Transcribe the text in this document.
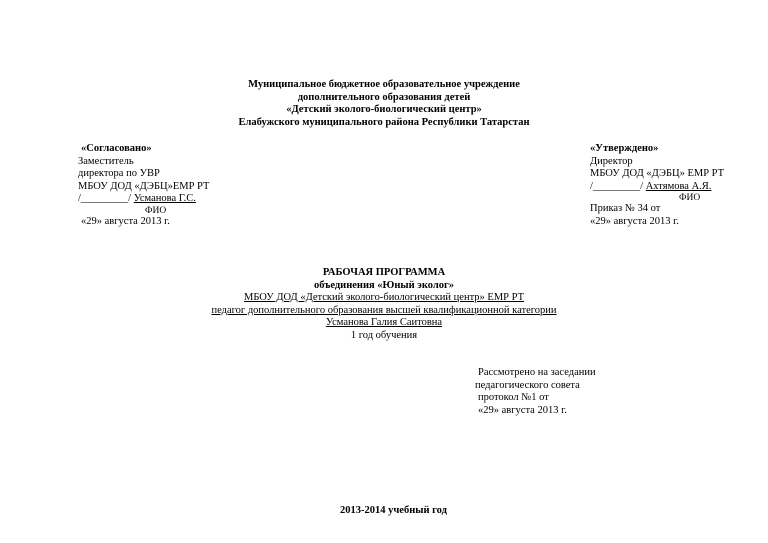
Муниципальное бюджетное образовательное учреждение
дополнительного образования детей
«Детский эколого-биологический центр»
Елабужского муниципального района Республики Татарстан
«Согласовано»
Заместитель
директора по УВР
МБОУ ДОД «ДЭБЦ»ЕМР РТ
/_________/ Усманова Г.С.
ФИО
«29» августа 2013 г.
«Утверждено»
Директор
МБОУ ДОД «ДЭБЦ» ЕМР РТ
/_________/ Ахтямова А.Я.
ФИО
Приказ № 34 от
«29» августа 2013 г.
РАБОЧАЯ ПРОГРАММА
объединения «Юный эколог»
МБОУ ДОД «Детский эколого-биологический центр» ЕМР РТ
педагог дополнительного образования высшей квалификационной категории
Усманова Галия Саитовна
1 год обучения
Рассмотрено на заседании
педагогического совета
протокол №1 от
«29» августа 2013 г.
2013-2014 учебный год
